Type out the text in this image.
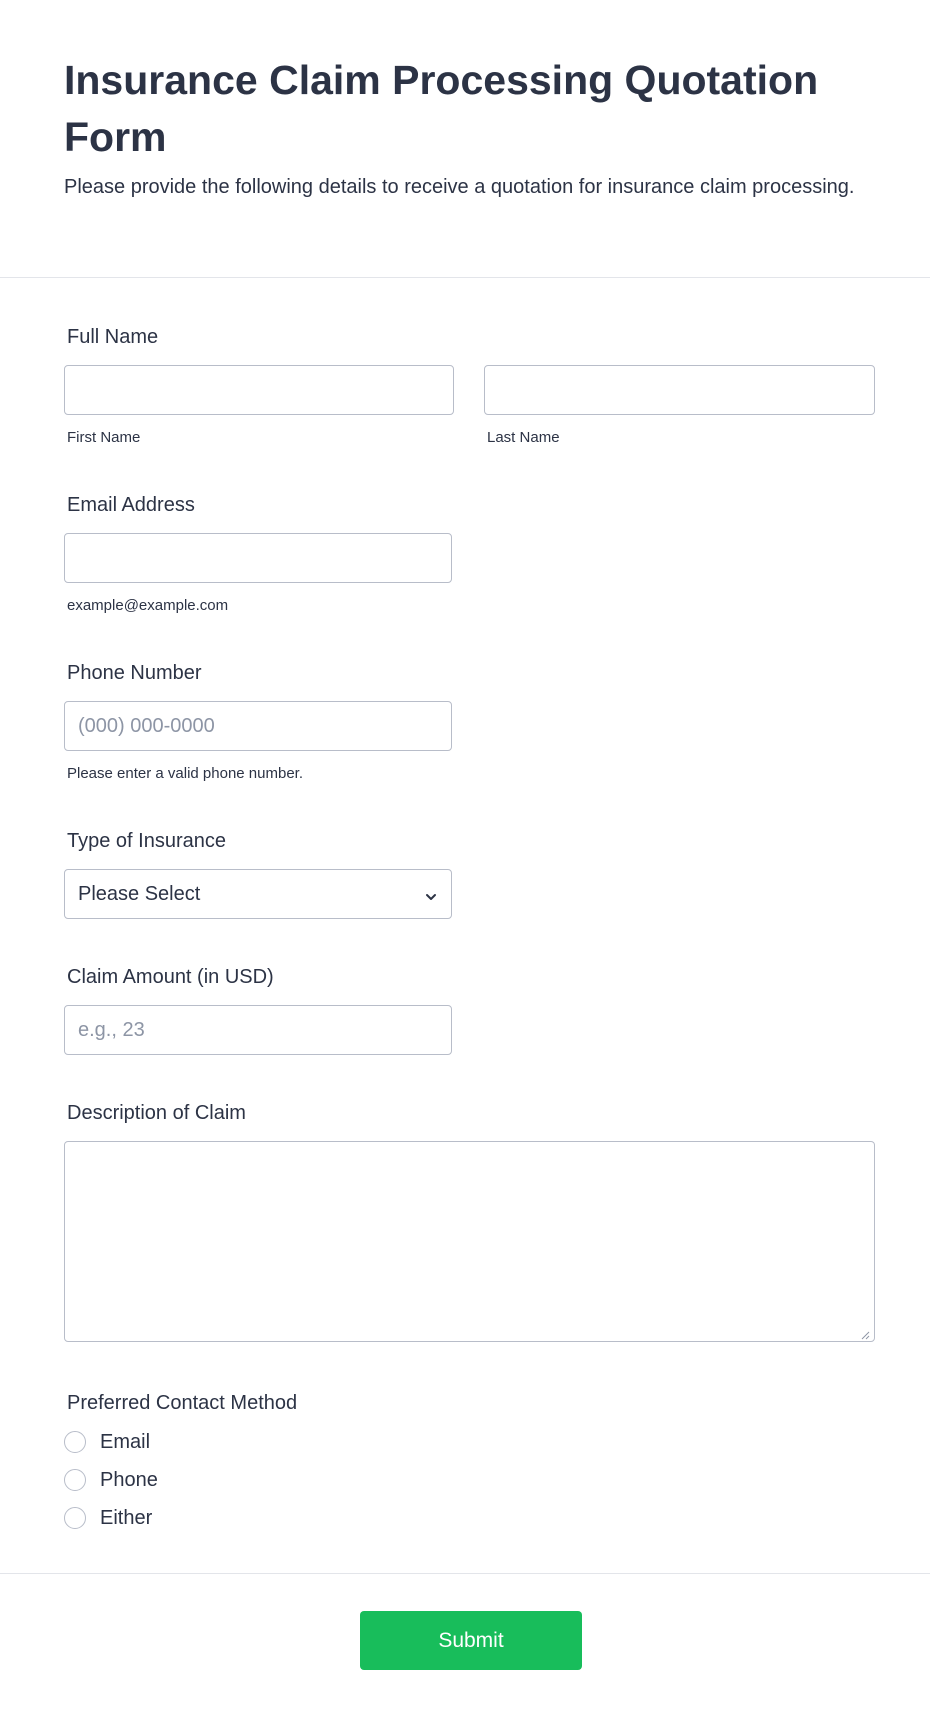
Insurance Claim Processing Quotation Form

Please provide the following details to receive a quotation for insurance claim processing.

Full Name
First Name	Last Name
Email Address
example@example.com
Phone Number
(000) 000-0000
Please enter a valid phone number.
Type of Insurance
Please Select
Claim Amount (in USD)
e.g., 23
Description of Claim
Preferred Contact Method
Email
Phone
Either
Submit
